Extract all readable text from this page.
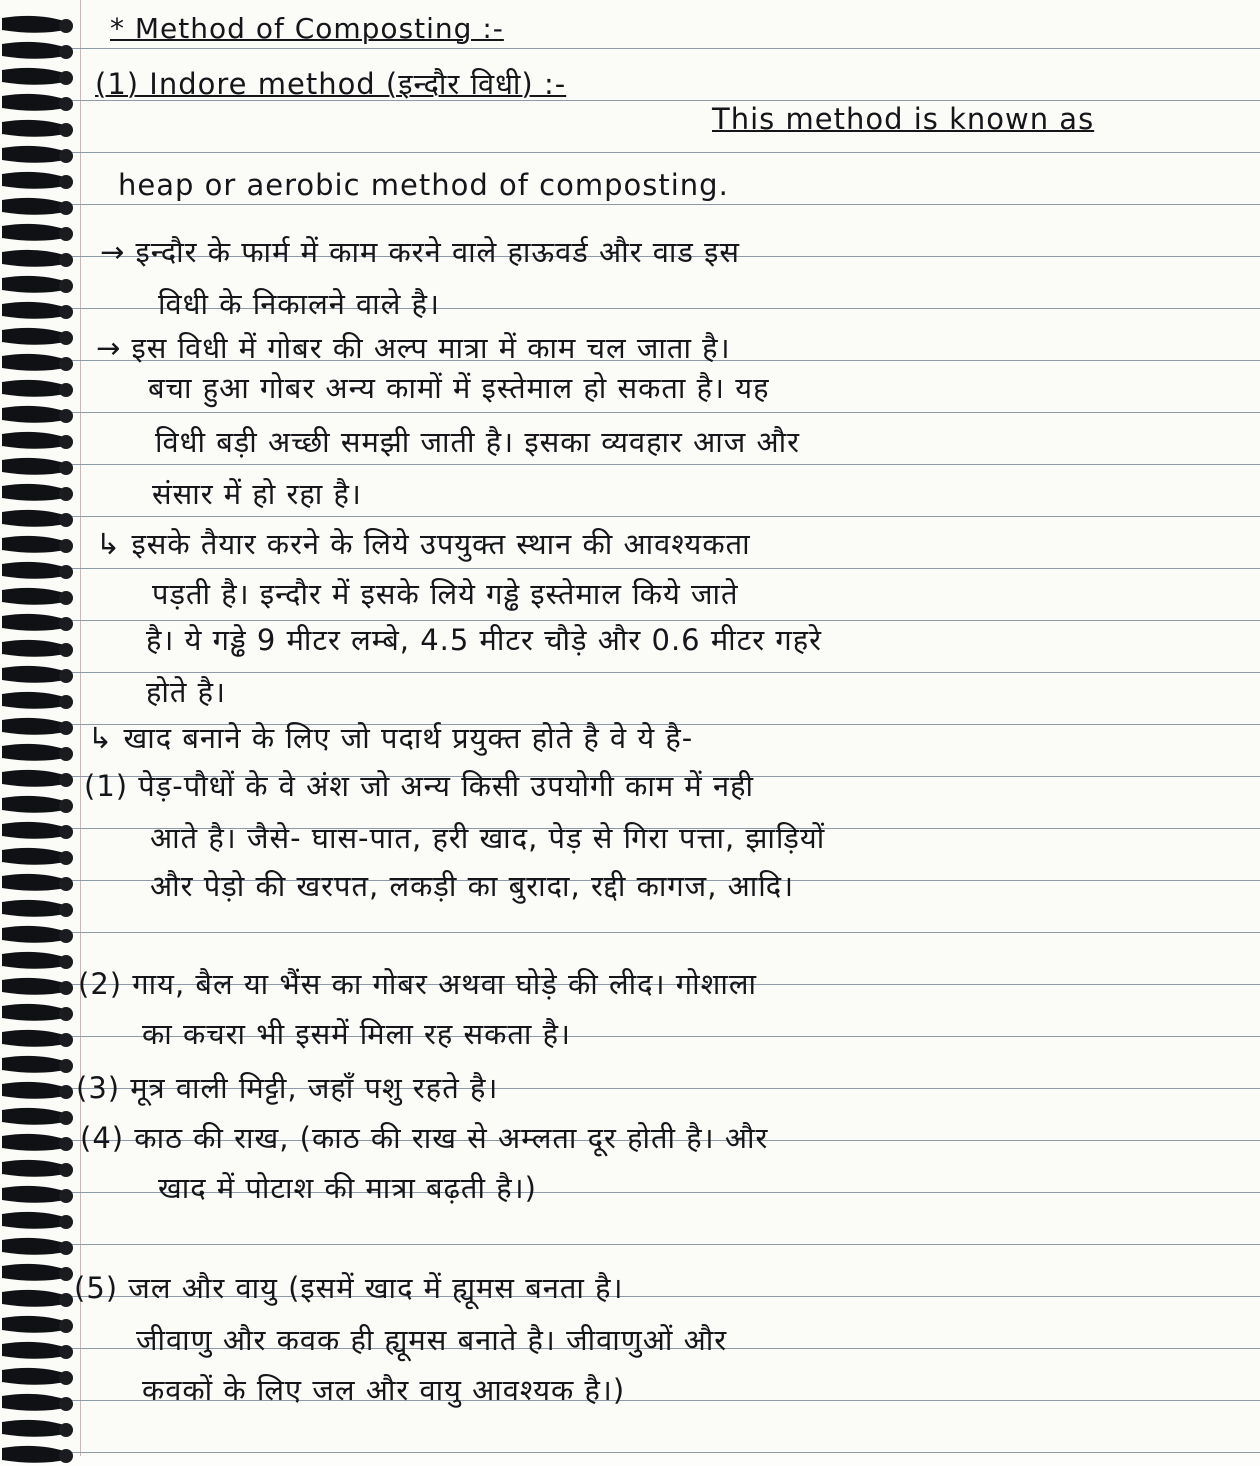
* Method of Composting :-
(1) Indore method (इन्दौर विधी) :-
This method is known as
heap or aerobic method of composting.
→ इन्दौर के फार्म में काम करने वाले हाऊवर्ड और वाड इस
विधी के निकालने वाले है।
→ इस विधी में गोबर की अल्प मात्रा में काम चल जाता है।
बचा हुआ गोबर अन्य कामों में इस्तेमाल हो सकता है। यह
विधी बड़ी अच्छी समझी जाती है। इसका व्यवहार आज और
संसार में हो रहा है।
↳ इसके तैयार करने के लिये उपयुक्त स्थान की आवश्यकता
पड़ती है। इन्दौर में इसके लिये गड्ढे इस्तेमाल किये जाते
है। ये गड्ढे 9 मीटर लम्बे, 4.5 मीटर चौड़े और 0.6 मीटर गहरे
होते है।
↳ खाद बनाने के लिए जो पदार्थ प्रयुक्त होते है वे ये है-
(1) पेड़-पौधों के वे अंश जो अन्य किसी उपयोगी काम में नही
आते है। जैसे- घास-पात, हरी खाद, पेड़ से गिरा पत्ता, झाड़ियों
और पेड़ो की खरपत, लकड़ी का बुरादा, रद्दी कागज, आदि।
(2) गाय, बैल या भैंस का गोबर अथवा घोड़े की लीद। गोशाला
का कचरा भी इसमें मिला रह सकता है।
(3) मूत्र वाली मिट्टी, जहाँ पशु रहते है।
(4) काठ की राख, (काठ की राख से अम्लता दूर होती है। और
खाद में पोटाश की मात्रा बढ़ती है।)
(5) जल और वायु (इसमें खाद में ह्यूमस बनता है।
जीवाणु और कवक ही ह्यूमस बनाते है। जीवाणुओं और
कवकों के लिए जल और वायु आवश्यक है।)
